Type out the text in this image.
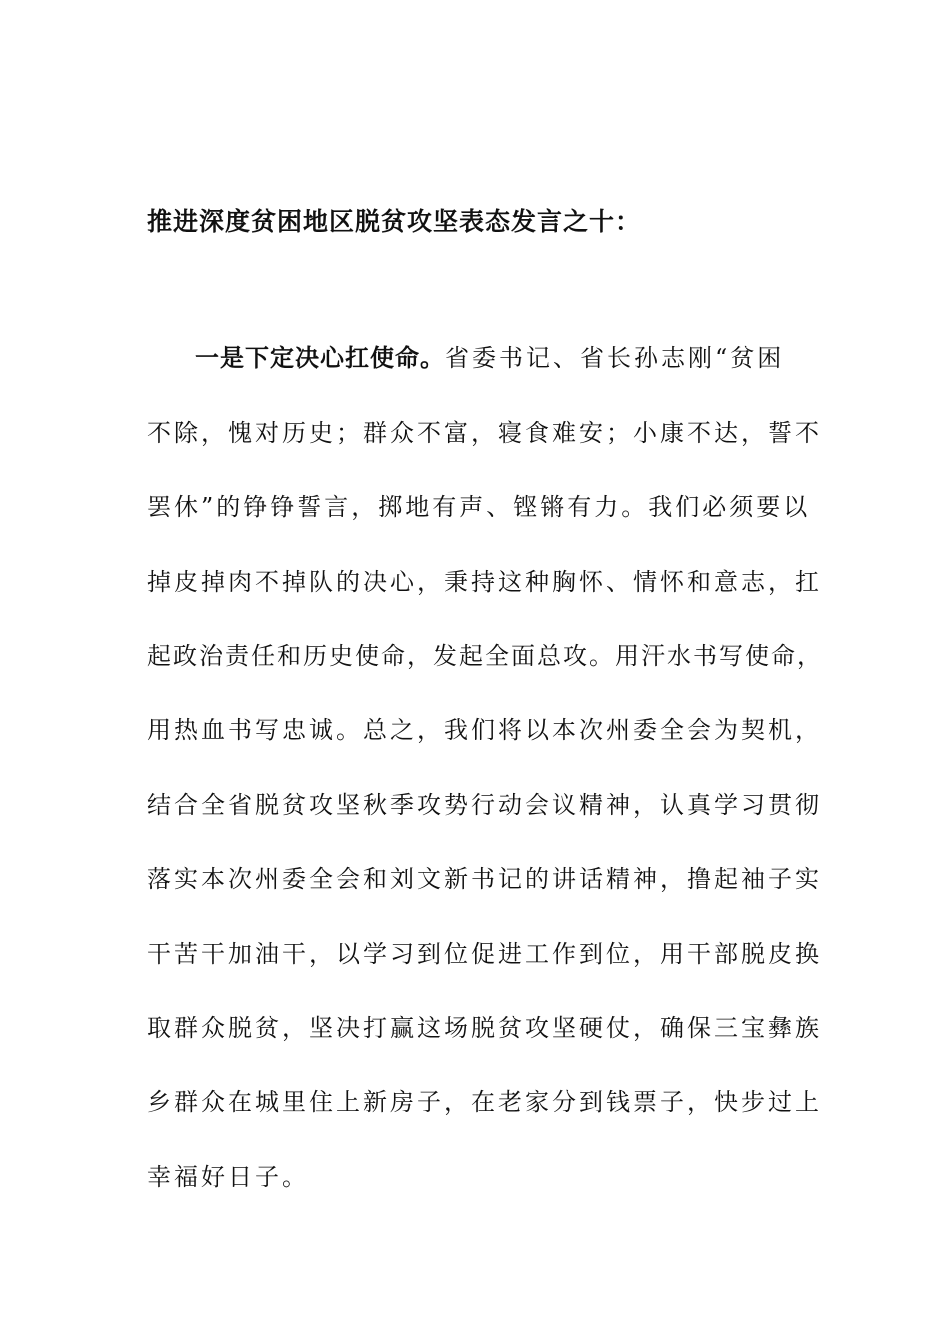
推进深度贫困地区脱贫攻坚表态发言之十：

一是下定决心扛使命。省委书记、省长孙志刚“贫困

不除，愧对历史；群众不富，寝食难安；小康不达，誓不

罢休”的铮铮誓言，掷地有声、铿锵有力。我们必须要以

掉皮掉肉不掉队的决心，秉持这种胸怀、情怀和意志，扛

起政治责任和历史使命，发起全面总攻。用汗水书写使命，

用热血书写忠诚。总之，我们将以本次州委全会为契机，

结合全省脱贫攻坚秋季攻势行动会议精神，认真学习贯彻

落实本次州委全会和刘文新书记的讲话精神，撸起袖子实

干苦干加油干，以学习到位促进工作到位，用干部脱皮换

取群众脱贫，坚决打赢这场脱贫攻坚硬仗，确保三宝彝族

乡群众在城里住上新房子，在老家分到钱票子，快步过上

幸福好日子。
